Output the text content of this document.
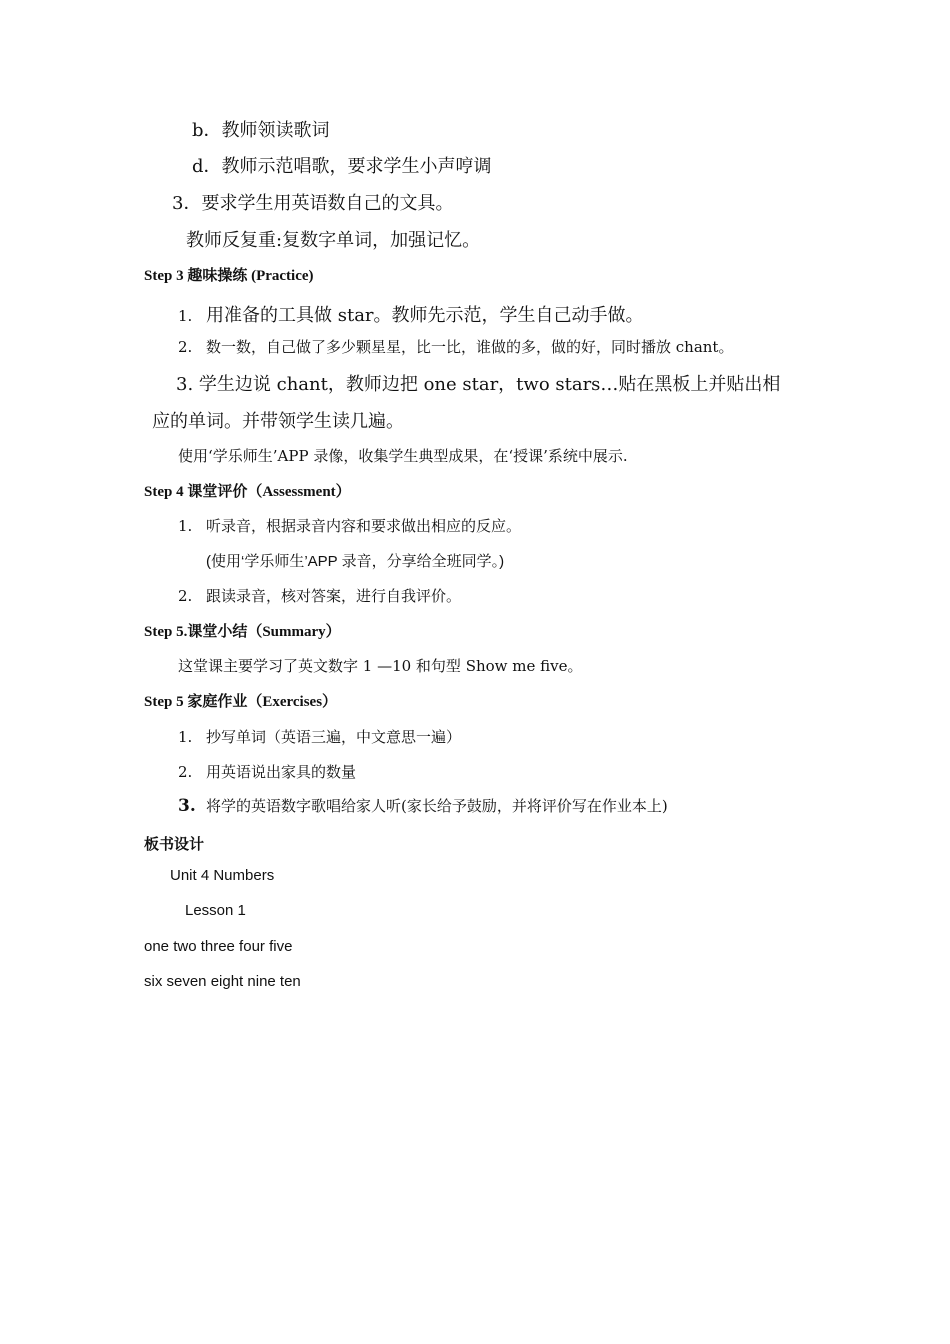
b．教师领读歌词
d．教师示范唱歌，要求学生小声哼调
3．要求学生用英语数自己的文具。
教师反复重:复数字单词，加强记忆。
Step 3 趣味操练 (Practice)
1. 用准备的工具做 star。教师先示范，学生自己动手做。
2. 数一数，自己做了多少颗星星，比一比，谁做的多，做的好，同时播放 chant。
3. 学生边说 chant，教师边把 one star，two stars…贴在黑板上并贴出相
应的单词。并带领学生读几遍。
使用‘学乐师生’APP 录像，收集学生典型成果，在‘授课’系统中展示.
Step 4 课堂评价（Assessment）
1. 听录音，根据录音内容和要求做出相应的反应。
(使用‘学乐师生’APP 录音，分享给全班同学。)
2. 跟读录音，核对答案，进行自我评价。
Step 5.课堂小结（Summary）
这堂课主要学习了英文数字 1 —10 和句型 Show me five。
Step 5 家庭作业（Exercises）
1. 抄写单词（英语三遍，中文意思一遍）
2. 用英语说出家具的数量
3. 将学的英语数字歌唱给家人听(家长给予鼓励，并将评价写在作业本上)
板书设计
Unit 4 Numbers
Lesson 1
one two three four five
six seven eight nine ten
